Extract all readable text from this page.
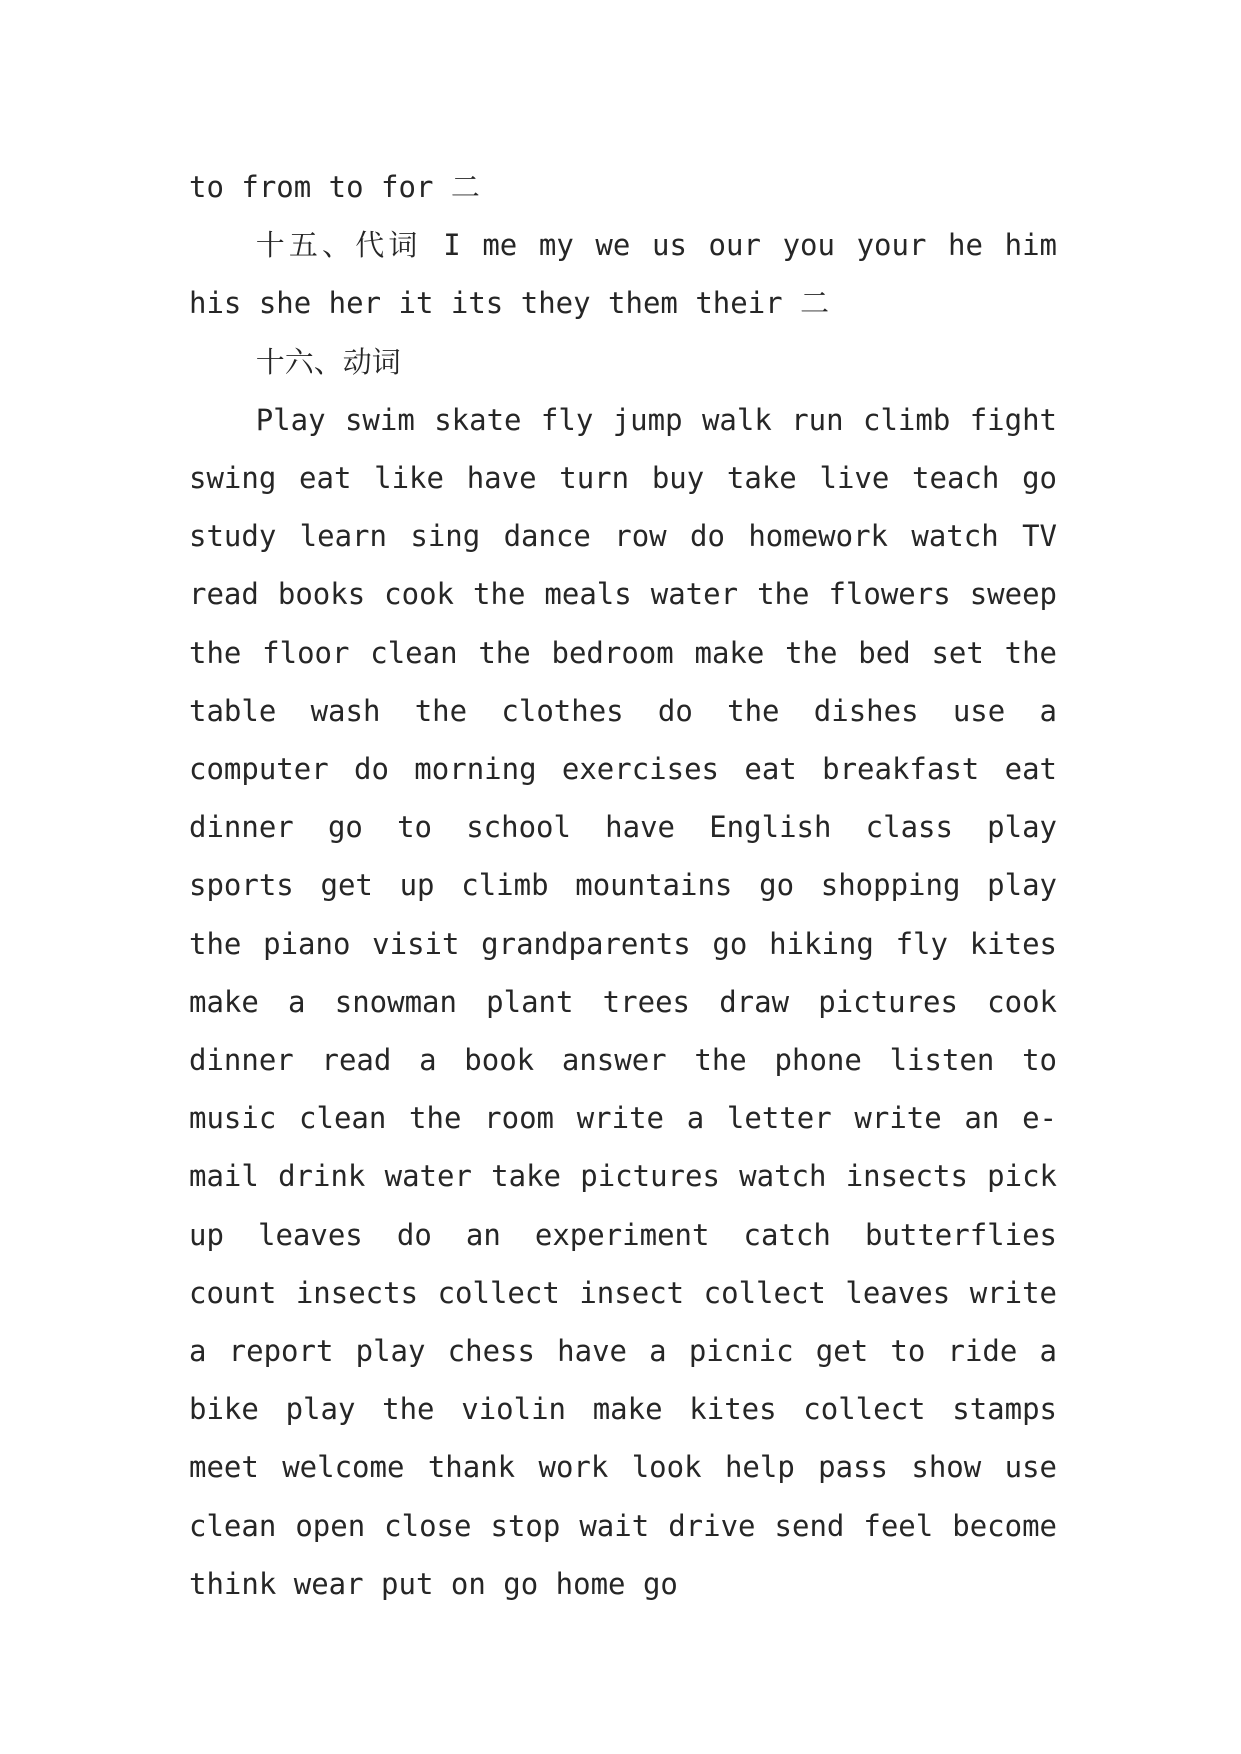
to from to for 二

十五、代词 I me my we us our you your he him his she her it its they them their 二

十六、动词

Play swim skate fly jump walk run climb fight swing eat like have turn buy take live teach go study learn sing dance row do homework watch TV read books cook the meals water the flowers sweep the floor clean the bedroom make the bed set the table wash the clothes do the dishes use a computer do morning exercises eat breakfast eat dinner go to school have English class play sports get up climb mountains go shopping play the piano visit grandparents go hiking fly kites make a snowman plant trees draw pictures cook dinner read a book answer the phone listen to music clean the room write a letter write an e-mail drink water take pictures watch insects pick up leaves do an experiment catch butterflies count insects collect insect collect leaves write a report play chess have a picnic get to ride a bike play the violin make kites collect stamps meet welcome thank work look help pass show use clean open close stop wait drive send feel become think wear put on go home go
